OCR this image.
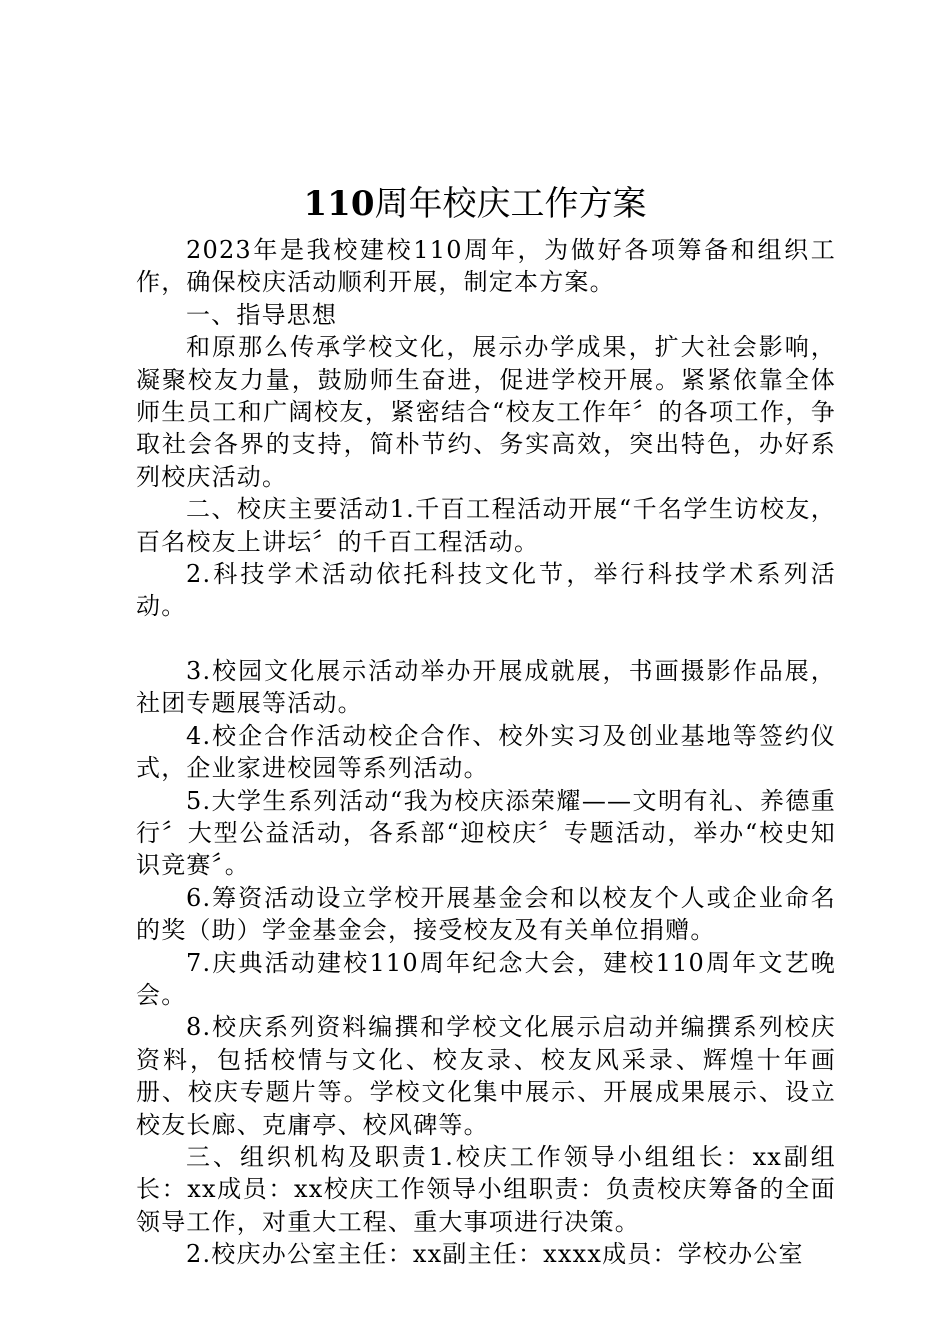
110周年校庆工作方案

2023年是我校建校110周年，为做好各项筹备和组织工作，确保校庆活动顺利开展，制定本方案。

一、指导思想

和原那么传承学校文化，展示办学成果，扩大社会影响，凝聚校友力量，鼓励师生奋进，促进学校开展。紧紧依靠全体师生员工和广阔校友，紧密结合“校友工作年〞的各项工作，争取社会各界的支持，简朴节约、务实高效，突出特色，办好系列校庆活动。

二、校庆主要活动1.千百工程活动开展“千名学生访校友，百名校友上讲坛〞的千百工程活动。

2.科技学术活动依托科技文化节，举行科技学术系列活动。

3.校园文化展示活动举办开展成就展，书画摄影作品展，社团专题展等活动。

4.校企合作活动校企合作、校外实习及创业基地等签约仪式，企业家进校园等系列活动。

5.大学生系列活动“我为校庆添荣耀——文明有礼、养德重行〞大型公益活动，各系部“迎校庆〞专题活动，举办“校史知识竞赛〞。

6.筹资活动设立学校开展基金会和以校友个人或企业命名的奖（助）学金基金会，接受校友及有关单位捐赠。

7.庆典活动建校110周年纪念大会，建校110周年文艺晚会。

8.校庆系列资料编撰和学校文化展示启动并编撰系列校庆资料，包括校情与文化、校友录、校友风采录、辉煌十年画册、校庆专题片等。学校文化集中展示、开展成果展示、设立校友长廊、克庸亭、校风碑等。

三、组织机构及职责1.校庆工作领导小组组长：xx副组长：xx成员：xx校庆工作领导小组职责：负责校庆筹备的全面领导工作，对重大工程、重大事项进行决策。

2.校庆办公室主任：xx副主任：xxxx成员：学校办公室
